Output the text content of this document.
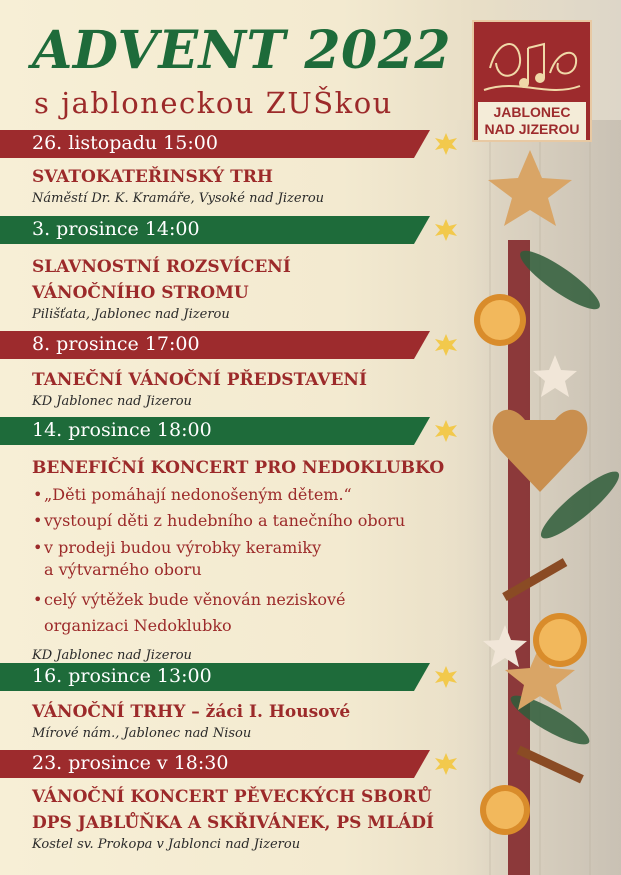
ADVENT 2022

s jabloneckou ZUŠkou	JABLONEC
NAD JIZEROU
26. listopadu 15:00

SVATOKATEŘINSKÝ TRH

Náměstí Dr. K. Kramáře, Vysoké nad Jizerou

3. prosince 14:00

SLAVNOSTNÍ ROZSVÍCENÍ

VÁNOČNÍHO STROMU

Pilišťata, Jablonec nad Jizerou

8. prosince 17:00

TANEČNÍ VÁNOČNÍ PŘEDSTAVENÍ

KD Jablonec nad Jizerou

14. prosince 18:00

BENEFIČNÍ KONCERT PRO NEDOKLUBKO

• „Děti pomáhají nedonošeným dětem.“
• vystoupí děti z hudebního a tanečního oboru
• v prodeji budou výrobky keramiky
a výtvarného oboru
• celý výtěžek bude věnován neziskové
organizaci Nedoklubko

KD Jablonec nad Jizerou

16. prosince 13:00

VÁNOČNÍ TRHY – žáci I. Housové

Mírové nám., Jablonec nad Nisou

23. prosince v 18:30

VÁNOČNÍ KONCERT PĚVECKÝCH SBORŮ

DPS JABLŮŇKA A SKŘIVÁNEK, PS MLÁDÍ

Kostel sv. Prokopa v Jablonci nad Jizerou
